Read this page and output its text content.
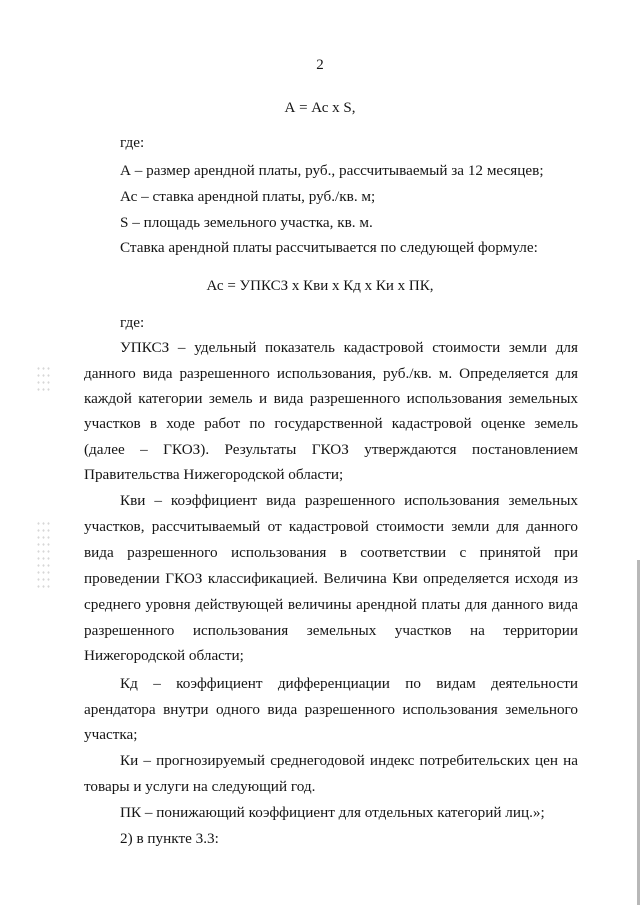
2
А = Ас х S,
где:
А – размер арендной платы, руб., рассчитываемый за 12 месяцев;
Ас – ставка арендной платы, руб./кв. м;
S – площадь земельного участка, кв. м.
Ставка арендной платы рассчитывается по следующей формуле:
Ас = УПКСЗ х Кви х Кд х Ки х ПК,
где:
УПКСЗ – удельный показатель кадастровой стоимости земли для
данного вида разрешенного использования, руб./кв. м. Определяется для
каждой категории земель и вида разрешенного использования земельных
участков в ходе работ по государственной кадастровой оценке земель
(далее – ГКОЗ). Результаты ГКОЗ утверждаются постановлением
Правительства Нижегородской области;
Кви – коэффициент вида разрешенного использования земельных
участков, рассчитываемый от кадастровой стоимости земли для данного
вида разрешенного использования в соответствии с принятой при
проведении ГКОЗ классификацией. Величина Кви определяется исходя из
среднего уровня действующей величины арендной платы для данного вида
разрешенного использования земельных участков на территории
Нижегородской области;
Кд – коэффициент дифференциации по видам деятельности
арендатора внутри одного вида разрешенного использования земельного
участка;
Ки – прогнозируемый среднегодовой индекс потребительских цен на
товары и услуги на следующий год.
ПК – понижающий коэффициент для отдельных категорий лиц.»;
2) в пункте 3.3:
